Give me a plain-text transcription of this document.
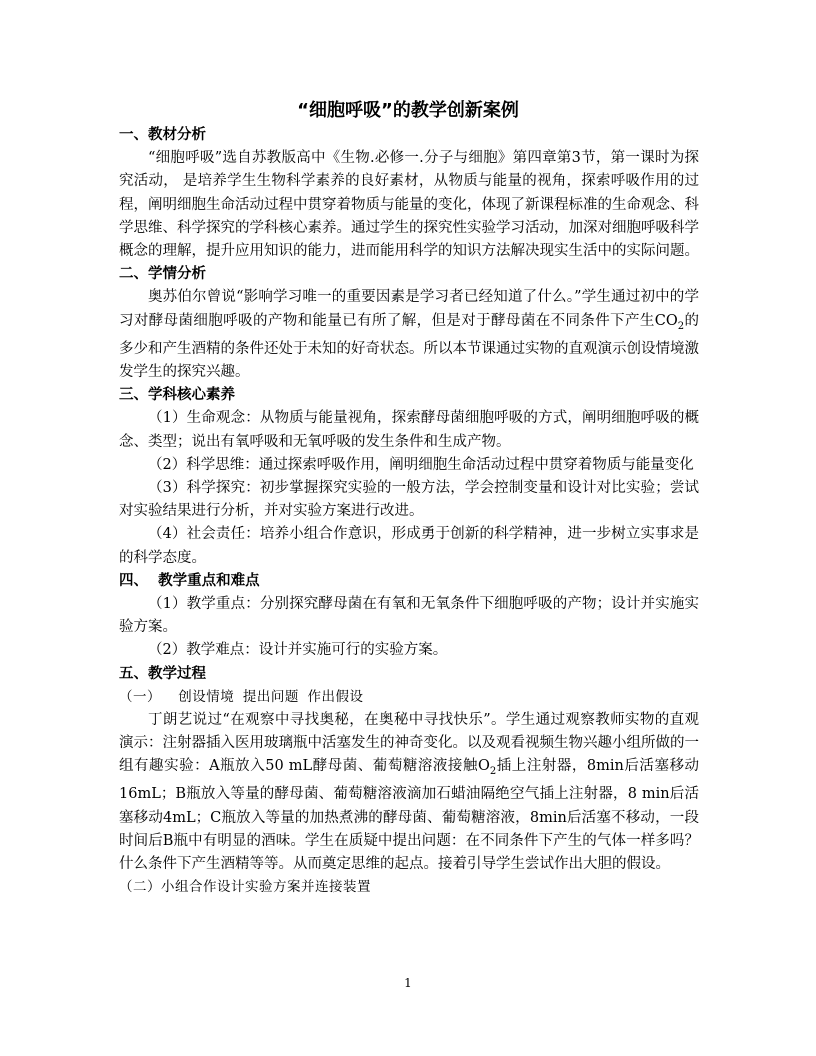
“细胞呼吸”的教学创新案例
一、教材分析
“细胞呼吸”选自苏教版高中《生物.必修一.分子与细胞》第四章第3节，第一课时为探究活动， 是培养学生生物科学素养的良好素材，从物质与能量的视角，探索呼吸作用的过程，阐明细胞生命活动过程中贯穿着物质与能量的变化，体现了新课程标准的生命观念、科学思维、科学探究的学科核心素养。通过学生的探究性实验学习活动，加深对细胞呼吸科学概念的理解，提升应用知识的能力，进而能用科学的知识方法解决现实生活中的实际问题。
二、学情分析
奥苏伯尔曾说“影响学习唯一的重要因素是学习者已经知道了什么。”学生通过初中的学习对酵母菌细胞呼吸的产物和能量已有所了解，但是对于酵母菌在不同条件下产生$CO_2$的多少和产生酒精的条件还处于未知的好奇状态。所以本节课通过实物的直观演示创设情境激发学生的探究兴趣。
三、学科核心素养
（1）生命观念：从物质与能量视角，探索酵母菌细胞呼吸的方式，阐明细胞呼吸的概念、类型；说出有氧呼吸和无氧呼吸的发生条件和生成产物。
（2）科学思维：通过探索呼吸作用，阐明细胞生命活动过程中贯穿着物质与能量变化
（3）科学探究：初步掌握探究实验的一般方法，学会控制变量和设计对比实验；尝试对实验结果进行分析，并对实验方案进行改进。
（4）社会责任：培养小组合作意识，形成勇于创新的科学精神，进一步树立实事求是的科学态度。
四、  教学重点和难点
（1）教学重点：分别探究酵母菌在有氧和无氧条件下细胞呼吸的产物；设计并实施实验方案。
（2）教学难点：设计并实施可行的实验方案。
五、教学过程
（一）  创设情境 提出问题 作出假设
丁朗艺说过“在观察中寻找奥秘，在奥秘中寻找快乐”。学生通过观察教师实物的直观演示：注射器插入医用玻璃瓶中活塞发生的神奇变化。以及观看视频生物兴趣小组所做的一组有趣实验：A瓶放入50 mL酵母菌、葡萄糖溶液接触$O_2$插上注射器，8min后活塞移动16mL；B瓶放入等量的酵母菌、葡萄糖溶液滴加石蜡油隔绝空气插上注射器，8 min后活塞移动4mL；C瓶放入等量的加热煮沸的酵母菌、葡萄糖溶液，8min后活塞不移动，一段时间后B瓶中有明显的酒味。学生在质疑中提出问题：在不同条件下产生的气体一样多吗？什么条件下产生酒精等等。从而奠定思维的起点。接着引导学生尝试作出大胆的假设。
（二）小组合作设计实验方案并连接装置
1
